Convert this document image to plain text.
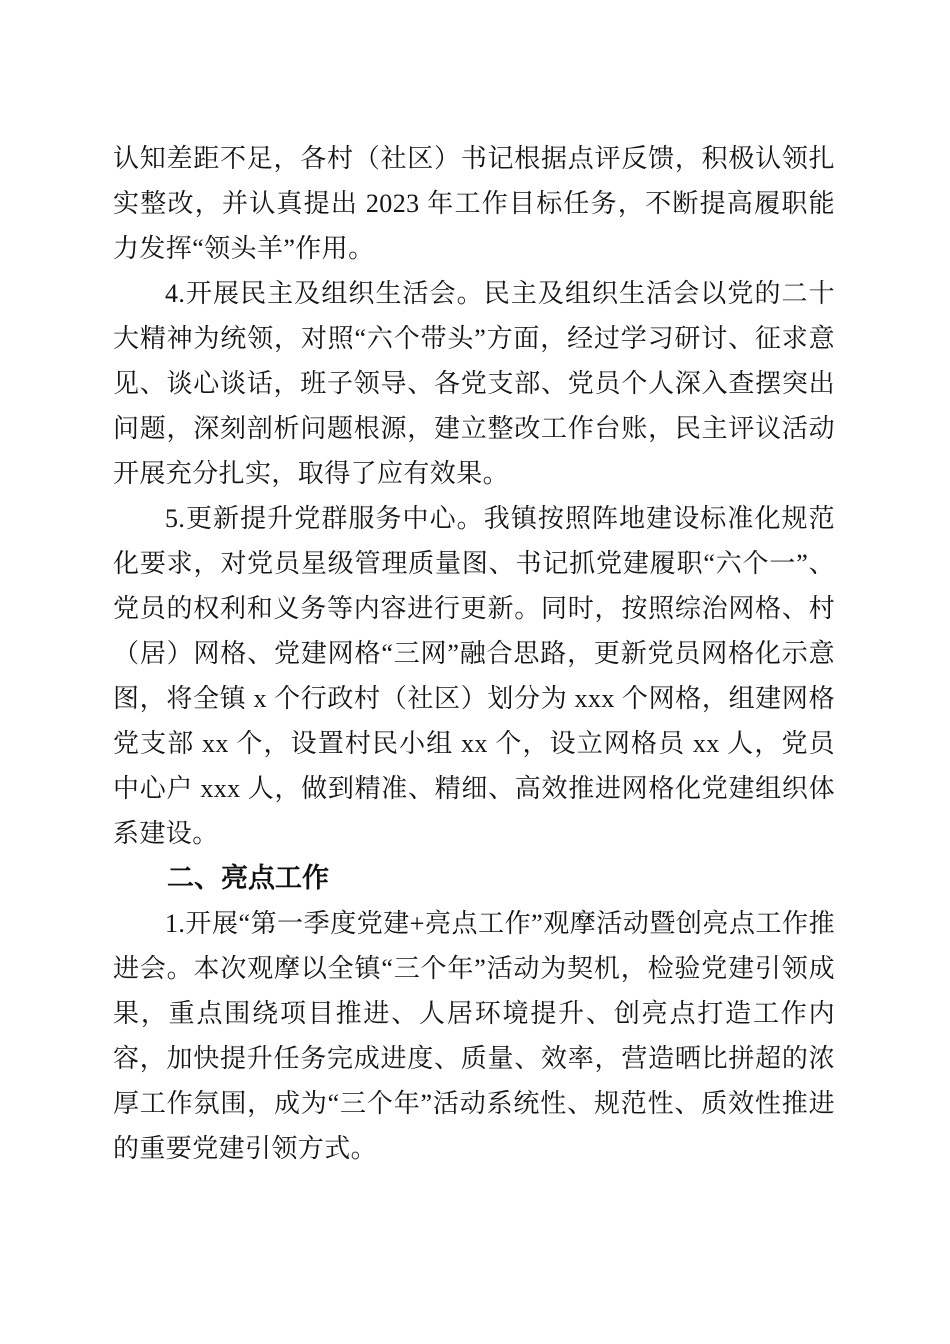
认知差距不足，各村（社区）书记根据点评反馈，积极认领扎实整改，并认真提出 2023 年工作目标任务，不断提高履职能力发挥“领头羊”作用。

4.开展民主及组织生活会。民主及组织生活会以党的二十大精神为统领，对照“六个带头”方面，经过学习研讨、征求意见、谈心谈话，班子领导、各党支部、党员个人深入查摆突出问题，深刻剖析问题根源，建立整改工作台账，民主评议活动开展充分扎实，取得了应有效果。

5.更新提升党群服务中心。我镇按照阵地建设标准化规范化要求，对党员星级管理质量图、书记抓党建履职“六个一”、党员的权利和义务等内容进行更新。同时，按照综治网格、村（居）网格、党建网格“三网”融合思路，更新党员网格化示意图，将全镇 x 个行政村（社区）划分为 xxx 个网格，组建网格党支部 xx 个，设置村民小组 xx 个，设立网格员 xx 人，党员中心户 xxx 人，做到精准、精细、高效推进网格化党建组织体系建设。

二、亮点工作

1.开展“第一季度党建+亮点工作”观摩活动暨创亮点工作推进会。本次观摩以全镇“三个年”活动为契机，检验党建引领成果，重点围绕项目推进、人居环境提升、创亮点打造工作内容，加快提升任务完成进度、质量、效率，营造晒比拼超的浓厚工作氛围，成为“三个年”活动系统性、规范性、质效性推进的重要党建引领方式。
